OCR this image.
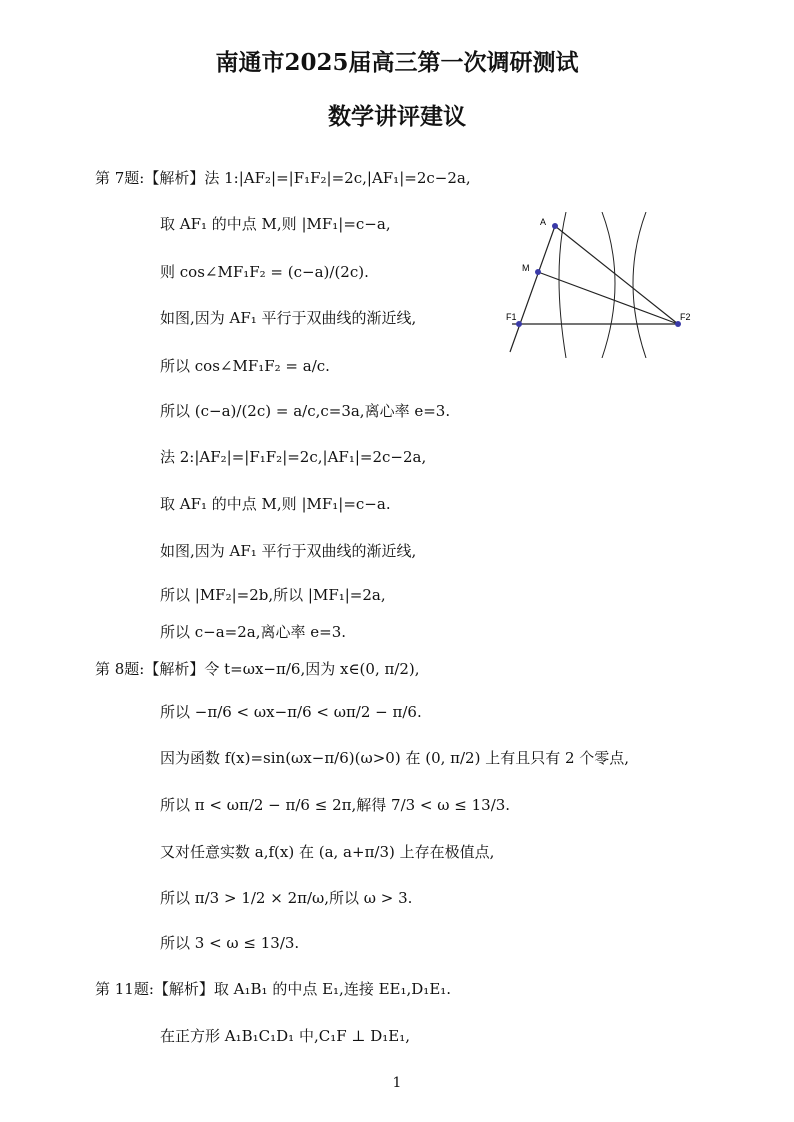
南通市2025届高三第一次调研测试
数学讲评建议
第 7题:【解析】法 1:|AF₂|=|F₁F₂|=2c,|AF₁|=2c−2a,
取 AF₁ 的中点 M,则 |MF₁|=c−a,
则 cos∠MF₁F₂ = (c−a)/(2c).
如图,因为 AF₁ 平行于双曲线的渐近线,
所以 cos∠MF₁F₂ = a/c.
所以 (c−a)/(2c) = a/c,c=3a,离心率 e=3.
法 2:|AF₂|=|F₁F₂|=2c,|AF₁|=2c−2a,
取 AF₁ 的中点 M,则 |MF₁|=c−a.
如图,因为 AF₁ 平行于双曲线的渐近线,
所以 |MF₂|=2b,所以 |MF₁|=2a,
所以 c−a=2a,离心率 e=3.
第 8题:【解析】令 t=ωx−π/6,因为 x∈(0, π/2),
所以 −π/6 < ωx−π/6 < ωπ/2 − π/6.
因为函数 f(x)=sin(ωx−π/6)(ω>0) 在 (0, π/2) 上有且只有 2 个零点,
所以 π < ωπ/2 − π/6 ≤ 2π,解得 7/3 < ω ≤ 13/3.
又对任意实数 a,f(x) 在 (a, a+π/3) 上存在极值点,
所以 π/3 > 1/2 × 2π/ω,所以 ω > 3.
所以 3 < ω ≤ 13/3.
第 11题:【解析】取 A₁B₁ 的中点 E₁,连接 EE₁,D₁E₁.
在正方形 A₁B₁C₁D₁ 中,C₁F ⊥ D₁E₁,
A
M
F1	F2
1
